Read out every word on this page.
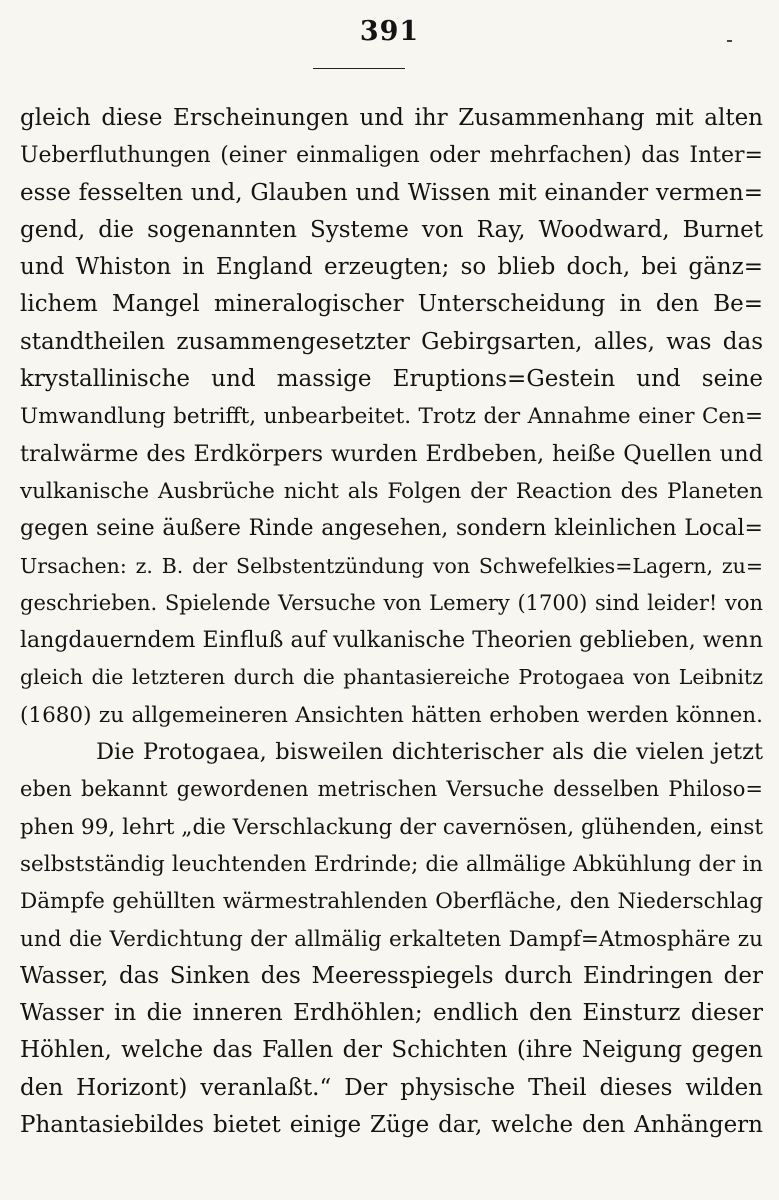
391
gleich diese Erscheinungen und ihr Zusammenhang mit alten
Ueberfluthungen (einer einmaligen oder mehrfachen) das Inter=
esse fesselten und, Glauben und Wissen mit einander vermen=
gend, die sogenannten Systeme von Ray, Woodward, Burnet
und Whiston in England erzeugten; so blieb doch, bei gänz=
lichem Mangel mineralogischer Unterscheidung in den Be=
standtheilen zusammengesetzter Gebirgsarten, alles, was das
krystallinische und massige Eruptions=Gestein und seine
Umwandlung betrifft, unbearbeitet. Trotz der Annahme einer Cen=
tralwärme des Erdkörpers wurden Erdbeben, heiße Quellen und
vulkanische Ausbrüche nicht als Folgen der Reaction des Planeten
gegen seine äußere Rinde angesehen, sondern kleinlichen Local=
Ursachen: z. B. der Selbstentzündung von Schwefelkies=Lagern, zu=
geschrieben. Spielende Versuche von Lemery (1700) sind leider! von
langdauerndem Einfluß auf vulkanische Theorien geblieben, wenn
gleich die letzteren durch die phantasiereiche Protogaea von Leibnitz
(1680) zu allgemeineren Ansichten hätten erhoben werden können.
Die Protogaea, bisweilen dichterischer als die vielen jetzt
eben bekannt gewordenen metrischen Versuche desselben Philoso=
phen 99, lehrt „die Verschlackung der cavernösen, glühenden, einst
selbstständig leuchtenden Erdrinde; die allmälige Abkühlung der in
Dämpfe gehüllten wärmestrahlenden Oberfläche, den Niederschlag
und die Verdichtung der allmälig erkalteten Dampf=Atmosphäre zu
Wasser, das Sinken des Meeresspiegels durch Eindringen der
Wasser in die inneren Erdhöhlen; endlich den Einsturz dieser
Höhlen, welche das Fallen der Schichten (ihre Neigung gegen
den Horizont) veranlaßt.“ Der physische Theil dieses wilden
Phantasiebildes bietet einige Züge dar, welche den Anhängern
